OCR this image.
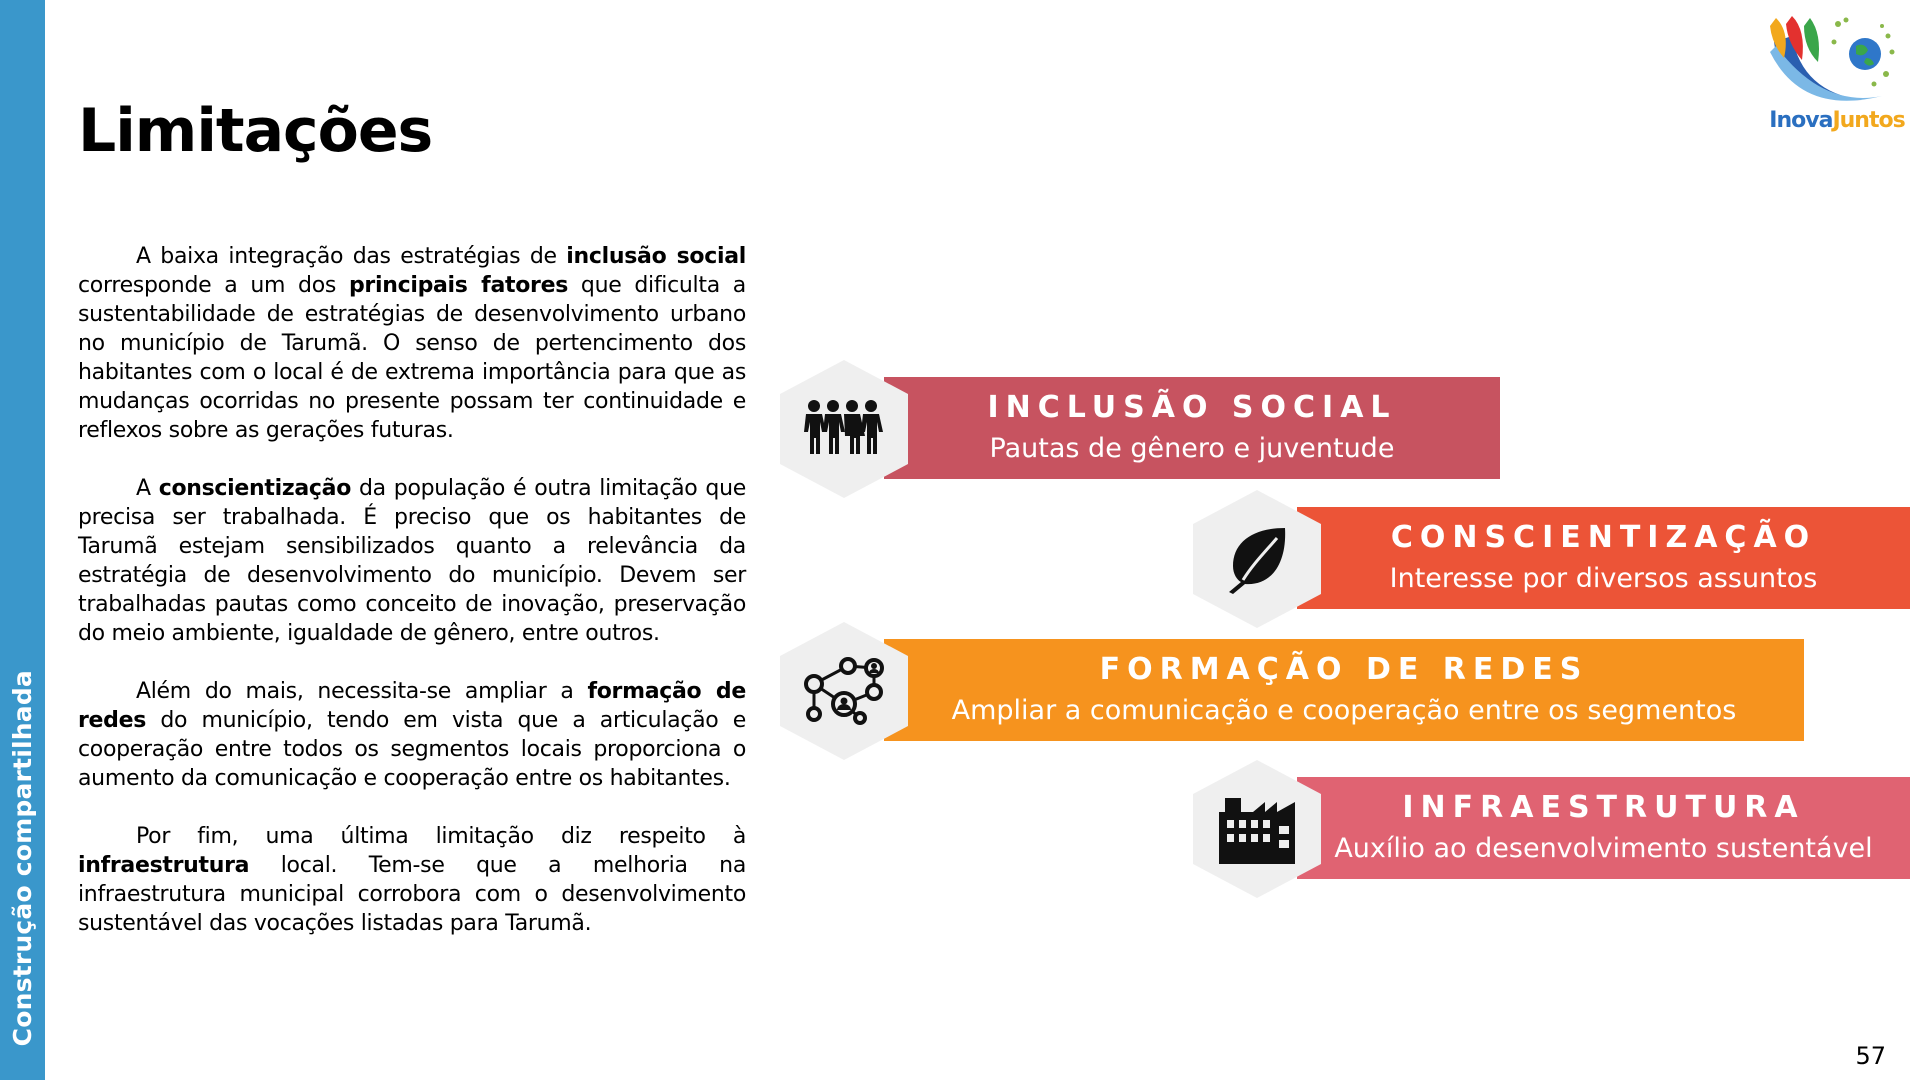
Construção compartilhada
Limitações

A baixa integração das estratégias de inclusão social corresponde a um dos principais fatores que dificulta a sustentabilidade de estratégias de desenvolvimento urbano no município de Tarumã. O senso de pertencimento dos habitantes com o local é de extrema importância para que as mudanças ocorridas no presente possam ter continuidade e reflexos sobre as gerações futuras.

A conscientização da população é outra limitação que precisa ser trabalhada. É preciso que os habitantes de Tarumã estejam sensibilizados quanto a relevância da estratégia de desenvolvimento do município. Devem ser trabalhadas pautas como conceito de inovação, preservação do meio ambiente, igualdade de gênero, entre outros.

Além do mais, necessita-se ampliar a formação de redes do município, tendo em vista que a articulação e cooperação entre todos os segmentos locais proporciona o aumento da comunicação e cooperação entre os habitantes.

Por fim, uma última limitação diz respeito à infraestrutura local. Tem-se que a melhoria na infraestrutura municipal corrobora com o desenvolvimento sustentável das vocações listadas para Tarumã.

INCLUSÃO SOCIAL
Pautas de gênero e juventude
CONSCIENTIZAÇÃO
Interesse por diversos assuntos
FORMAÇÃO DE REDES
Ampliar a comunicação e cooperação entre os segmentos
INFRAESTRUTURA
Auxílio ao desenvolvimento sustentável
InovaJuntos
57
